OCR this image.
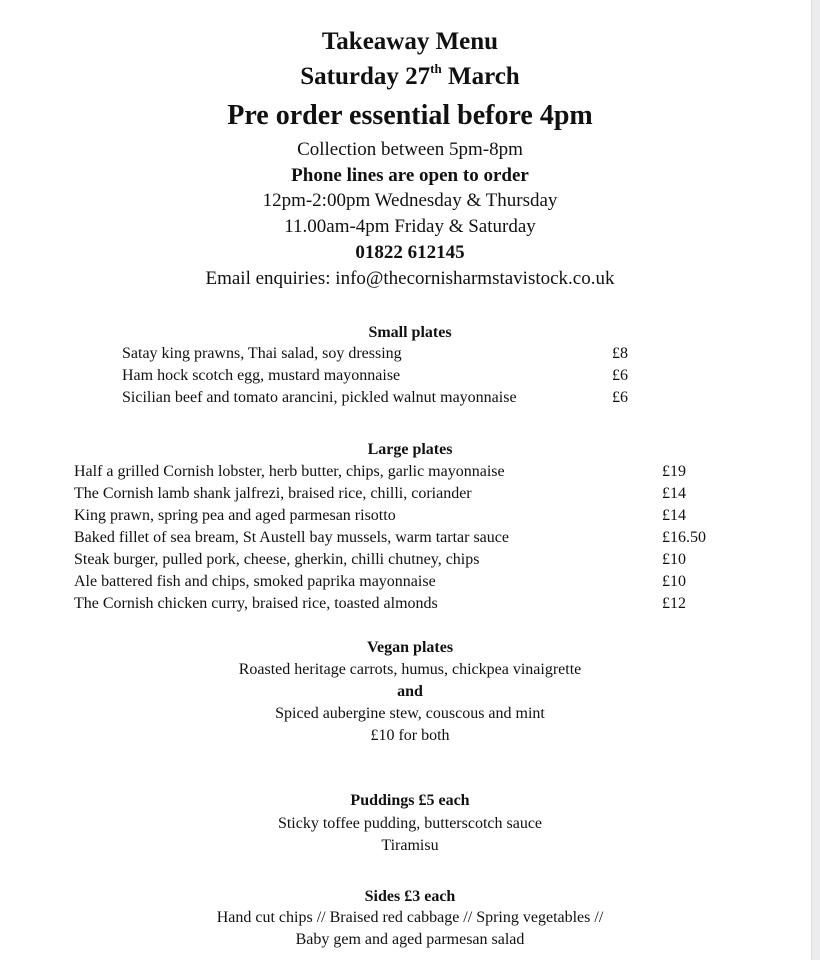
Takeaway Menu
Saturday 27th March
Pre order essential before 4pm
Collection between 5pm-8pm
Phone lines are open to order
12pm-2:00pm Wednesday & Thursday
11.00am-4pm Friday & Saturday
01822 612145
Email enquiries: info@thecornisharmstavistock.co.uk
Small plates
Satay king prawns, Thai salad, soy dressing	£8
Ham hock scotch egg, mustard mayonnaise	£6
Sicilian beef and tomato arancini, pickled walnut mayonnaise	£6
Large plates
Half a grilled Cornish lobster, herb butter, chips, garlic mayonnaise	£19
The Cornish lamb shank jalfrezi, braised rice, chilli, coriander	£14
King prawn, spring pea and aged parmesan risotto	£14
Baked fillet of sea bream, St Austell bay mussels, warm tartar sauce	£16.50
Steak burger, pulled pork, cheese, gherkin, chilli chutney, chips	£10
Ale battered fish and chips, smoked paprika mayonnaise	£10
The Cornish chicken curry, braised rice, toasted almonds	£12
Vegan plates
Roasted heritage carrots, humus, chickpea vinaigrette
and
Spiced aubergine stew, couscous and mint
£10 for both
Puddings £5 each
Sticky toffee pudding, butterscotch sauce
Tiramisu
Sides £3 each
Hand cut chips // Braised red cabbage // Spring vegetables //
Baby gem and aged parmesan salad
